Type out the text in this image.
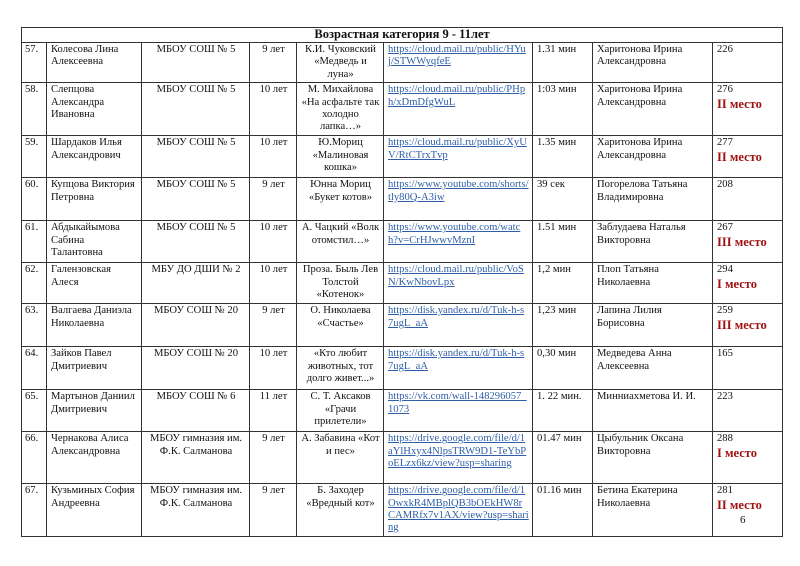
Возрастная категория 9 - 11лет								
57.	Колесова Лина Алексеевна	МБОУ СОШ № 5	9 лет	К.И. Чуковский «Медведь и луна»	https://cloud.mail.ru/public/HYuj/STWWyqfeE	1.31 мин	Харитонова Ирина Александровна	226
58.	Слепцова Александра Ивановна	МБОУ СОШ № 5	10 лет	М. Михайлова «На асфальте так холодно лапка…»	https://cloud.mail.ru/public/PHph/xDmDfgWuL	1:03 мин	Харитонова Ирина Александровна	276
II место

59.	Шардаков Илья Александрович	МБОУ СОШ № 5	10 лет	Ю.Мориц «Малиновая кошка»	https://cloud.mail.ru/public/XyUV/RtCTrxTvp	1.35 мин	Харитонова Ирина Александровна	277
II место

60.	Купцова Виктория Петровна	МБОУ СОШ № 5	9 лет	Юнна Мориц «Букет котов»	https://www.youtube.com/shorts/tly80Q-A3iw	39 сек	Погорелова Татьяна Владимировна	208
61.	Абдыкайымова Сабина Талантовна	МБОУ СОШ № 5	10 лет	А. Чацкий «Волк отомстил…»	https://www.youtube.com/watch?v=CrHJwwvMznI	1.51 мин	Заблудаева Наталья Викторовна	267
III место

62.	Галензовская Алеся	МБУ ДО ДШИ № 2	10 лет	Проза. Быль Лев Толстой «Котенок»	https://cloud.mail.ru/public/VoSN/KwNbovLpx	1,2 мин	Плоп Татьяна Николаевна	294
I место

63.	Валгаева Даниэла Николаевна	МБОУ СОШ № 20	9 лет	О. Николаева «Счастье»	https://disk.yandex.ru/d/Tuk-h-s7ugL_aA	1,23 мин	Лапина Лилия Борисовна	259
III место

64.	Зайков Павел Дмитриевич	МБОУ СОШ № 20	10 лет	«Кто любит животных, тот долго живет...»	https://disk.yandex.ru/d/Tuk-h-s7ugL_aA	0,30 мин	Медведева Анна Алексеевна	165
65.	Мартынов Даниил Дмитриевич	МБОУ СОШ № 6	11 лет	С. Т. Аксаков «Грачи прилетели»	https://vk.com/wall-148296057_1073	1. 22 мин.	Минниахметова И. И.	223
66.	Чернакова Алиса Александровна	МБОУ гимназия им. Ф.К. Салманова	9 лет	А. Забавина «Кот и пес»	https://drive.google.com/file/d/1aYlHxyx4NlpsTRW9D1-TeYbPoELzx6kz/view?usp=sharing	01.47 мин	Цыбульник Оксана Викторовна	288
I место

67.	Кузьминых София Андреевна	МБОУ гимназия им. Ф.К. Салманова	9 лет	Б. Заходер «Вредный кот»	https://drive.google.com/file/d/1OwxkR4MBplQB3bOEkHW8rCAMRfx7v1AX/view?usp=sharing	01.16 мин	Бетина Екатерина Николаевна	281
II место
6
